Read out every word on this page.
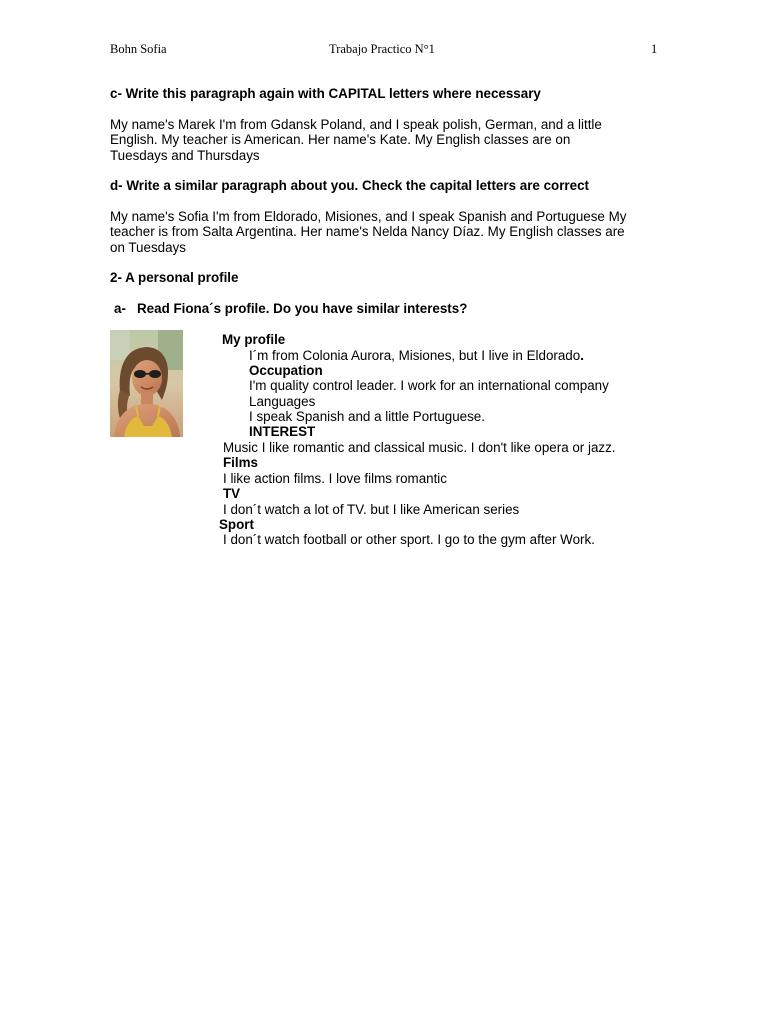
Bohn Sofia	Trabajo Practico N°1	1
c- Write this paragraph again with CAPITAL letters where necessary
My name's Marek I'm from Gdansk Poland, and I speak polish, German, and a little
English. My teacher is American. Her name's Kate. My English classes are on
Tuesdays and Thursdays
d- Write a similar paragraph about you. Check the capital letters are correct
My name's Sofia I'm from Eldorado, Misiones, and I speak Spanish and Portuguese My
teacher is from Salta Argentina. Her name's Nelda Nancy Díaz. My English classes are
on Tuesdays
2- A personal profile
a- Read Fiona´s profile. Do you have similar interests?
My profile
I´m from Colonia Aurora, Misiones, but I live in Eldorado.
Occupation
I'm quality control leader. I work for an international company
Languages
I speak Spanish and a little Portuguese.
INTEREST
Music I like romantic and classical music. I don't like opera or jazz.
Films
I like action films. I love films romantic
TV
I don´t watch a lot of TV. but I like American series
Sport
I don´t watch football or other sport. I go to the gym after Work.
